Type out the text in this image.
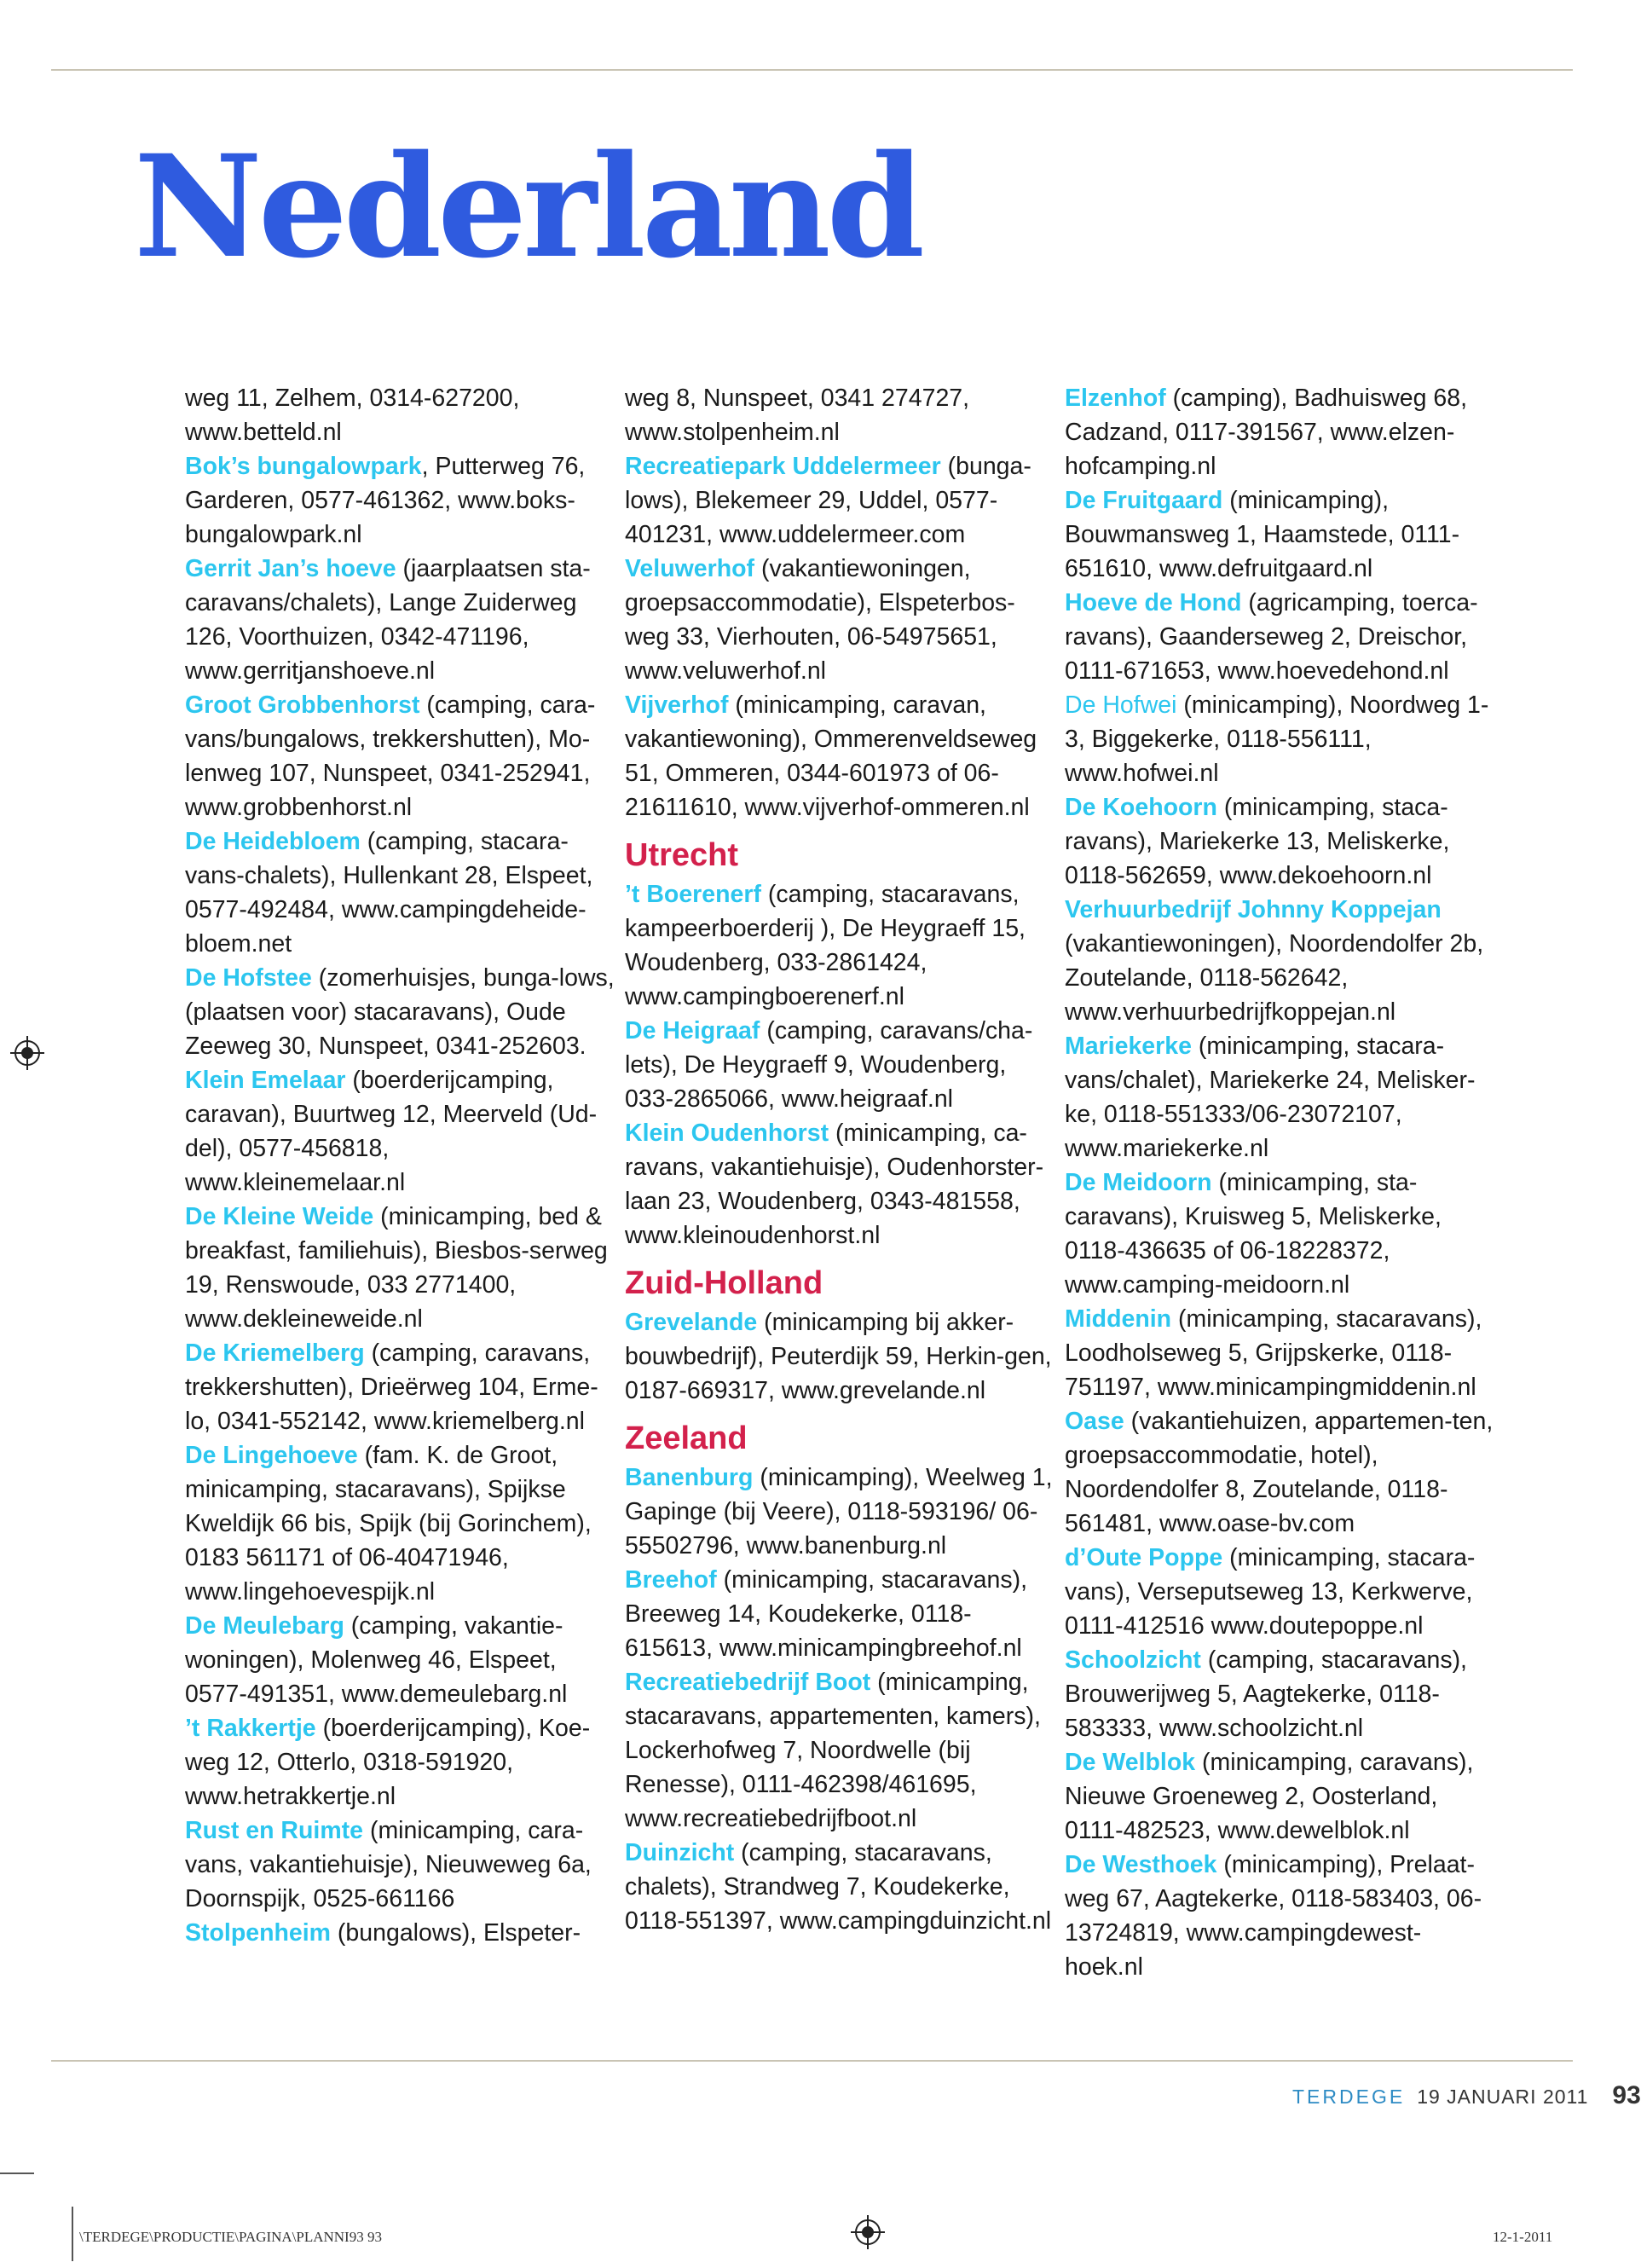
Nederland
weg 11, Zelhem, 0314-627200, www.betteld.nl
Bok’s bungalowpark, Putterweg 76, Garderen, 0577-461362, www.boks-bungalowpark.nl
Gerrit Jan’s hoeve (jaarplaatsen sta-caravans/chalets), Lange Zuiderweg 126, Voorthuizen, 0342-471196, www.gerritjanshoeve.nl
Groot Grobbenhorst (camping, cara-vans/bungalows, trekkershutten), Mo-lenweg 107, Nunspeet, 0341-252941, www.grobbenhorst.nl
De Heidebloem (camping, stacara-vans-chalets), Hullenkant 28, Elspeet, 0577-492484, www.campingdeheide-bloem.net
De Hofstee (zomerhuisjes, bunga-lows, (plaatsen voor) stacaravans), Oude Zeeweg 30, Nunspeet, 0341-252603.
Klein Emelaar (boerderijcamping, caravan), Buurtweg 12, Meerveld (Ud-del), 0577-456818, www.kleinemelaar.nl
De Kleine Weide (minicamping, bed & breakfast, familiehuis), Biesbos-serweg 19, Renswoude, 033 2771400, www.dekleineweide.nl
De Kriemelberg (camping, caravans, trekkershutten), Drieërweg 104, Erme-lo, 0341-552142, www.kriemelberg.nl
De Lingehoeve (fam. K. de Groot, minicamping, stacaravans), Spijkse Kweldijk 66 bis, Spijk (bij Gorinchem), 0183 561171 of 06-40471946, www.lingehoevespijk.nl
De Meulebarg (camping, vakantie-woningen), Molenweg 46, Elspeet, 0577-491351, www.demeulebarg.nl
’t Rakkertje (boerderijcamping), Koe-weg 12, Otterlo, 0318-591920, www.hetrakkertje.nl
Rust en Ruimte (minicamping, cara-vans, vakantiehuisje), Nieuweweg 6a, Doornspijk, 0525-661166
Stolpenheim (bungalows), Elspeter-
weg 8, Nunspeet, 0341 274727, www.stolpenheim.nl
Recreatiepark Uddelermeer (bunga-lows), Blekemeer 29, Uddel, 0577-401231, www.uddelermeer.com
Veluwerhof (vakantiewoningen, groepsaccommodatie), Elspeterbos-weg 33, Vierhouten, 06-54975651, www.veluwerhof.nl
Vijverhof (minicamping, caravan, vakantiewoning), Ommerenveldseweg 51, Ommeren, 0344-601973 of 06-21611610, www.vijverhof-ommeren.nl
Utrecht
’t Boerenerf (camping, stacaravans, kampeerboerderij ), De Heygraeff 15, Woudenberg, 033-2861424, www.campingboerenerf.nl
De Heigraaf (camping, caravans/cha-lets), De Heygraeff 9, Woudenberg, 033-2865066, www.heigraaf.nl
Klein Oudenhorst (minicamping, ca-ravans, vakantiehuisje), Oudenhorster-laan 23, Woudenberg, 0343-481558, www.kleinoudenhorst.nl
Zuid-Holland
Grevelande (minicamping bij akker-bouwbedrijf), Peuterdijk 59, Herkin-gen, 0187-669317, www.grevelande.nl
Zeeland
Banenburg (minicamping), Weelweg 1, Gapinge (bij Veere), 0118-593196/ 06-55502796, www.banenburg.nl
Breehof (minicamping, stacaravans), Breeweg 14, Koudekerke, 0118-615613, www.minicampingbreehof.nl
Recreatiebedrijf Boot (minicamping, stacaravans, appartementen, kamers), Lockerhofweg 7, Noordwelle (bij Renesse), 0111-462398/461695, www.recreatiebedrijfboot.nl
Duinzicht (camping, stacaravans, chalets), Strandweg 7, Koudekerke, 0118-551397, www.campingduinzicht.nl
Elzenhof (camping), Badhuisweg 68, Cadzand, 0117-391567, www.elzen-hofcamping.nl
De Fruitgaard (minicamping), Bouwmansweg 1, Haamstede, 0111-651610, www.defruitgaard.nl
Hoeve de Hond (agricamping, toerca-ravans), Gaanderseweg 2, Dreischor, 0111-671653, www.hoevedehond.nl
De Hofwei (minicamping), Noordweg 1-3, Biggekerke, 0118-556111, www.hofwei.nl
De Koehoorn (minicamping, staca-ravans), Mariekerke 13, Meliskerke, 0118-562659, www.dekoehoorn.nl
Verhuurbedrijf Johnny Koppejan (vakantiewoningen), Noordendolfer 2b, Zoutelande, 0118-562642, www.verhuurbedrijfkoppejan.nl
Mariekerke (minicamping, stacara-vans/chalet), Mariekerke 24, Melisker-ke, 0118-551333/06-23072107, www.mariekerke.nl
De Meidoorn (minicamping, sta-caravans), Kruisweg 5, Meliskerke, 0118-436635 of 06-18228372, www.camping-meidoorn.nl
Middenin (minicamping, stacaravans), Loodholseweg 5, Grijpskerke, 0118-751197, www.minicampingmiddenin.nl
Oase (vakantiehuizen, appartemen-ten, groepsaccommodatie, hotel), Noordendolfer 8, Zoutelande, 0118-561481, www.oase-bv.com
d’Oute Poppe (minicamping, stacara-vans), Verseputseweg 13, Kerkwerve, 0111-412516 www.doutepoppe.nl
Schoolzicht (camping, stacaravans), Brouwerijweg 5, Aagtekerke, 0118-583333, www.schoolzicht.nl
De Welblok (minicamping, caravans), Nieuwe Groeneweg 2, Oosterland, 0111-482523, www.dewelblok.nl
De Westhoek (minicamping), Prelaat-weg 67, Aagtekerke, 0118-583403, 06-13724819, www.campingdewest-hoek.nl
TERDEGE 19 JANUARI 2011 93
\TERDEGE\PRODUCTIE\PAGINA\PLANNI93 93	12-1-2011
